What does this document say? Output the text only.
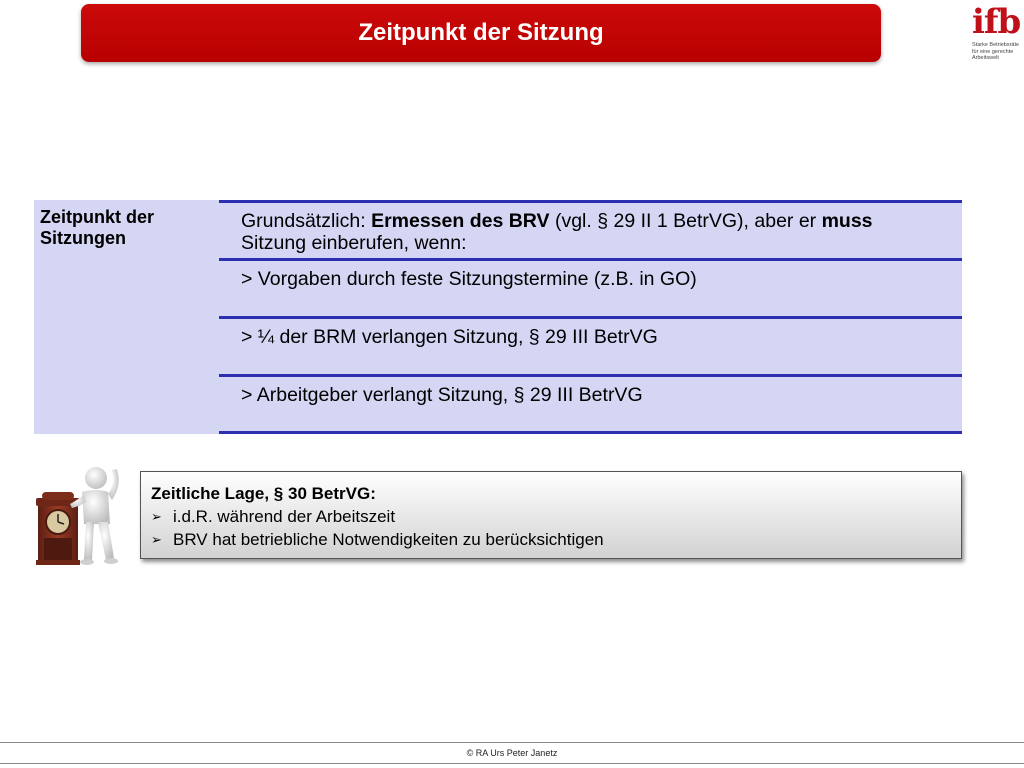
Zeitpunkt der Sitzung	ifb
Starke Betriebsräte
für eine gerechte
Arbeitswelt
Zeitpunkt der Sitzungen
Grundsätzlich: Ermessen des BRV (vgl. § 29 II 1 BetrVG), aber er muss Sitzung einberufen, wenn:
> Vorgaben durch feste Sitzungstermine (z.B. in GO)
> ¼ der BRM verlangen Sitzung, § 29 III BetrVG
> Arbeitgeber verlangt Sitzung, § 29 III BetrVG
Zeitliche Lage, § 30 BetrVG:
➢ i.d.R. während der Arbeitszeit
➢ BRV hat betriebliche Notwendigkeiten zu berücksichtigen
© RA Urs Peter Janetz
